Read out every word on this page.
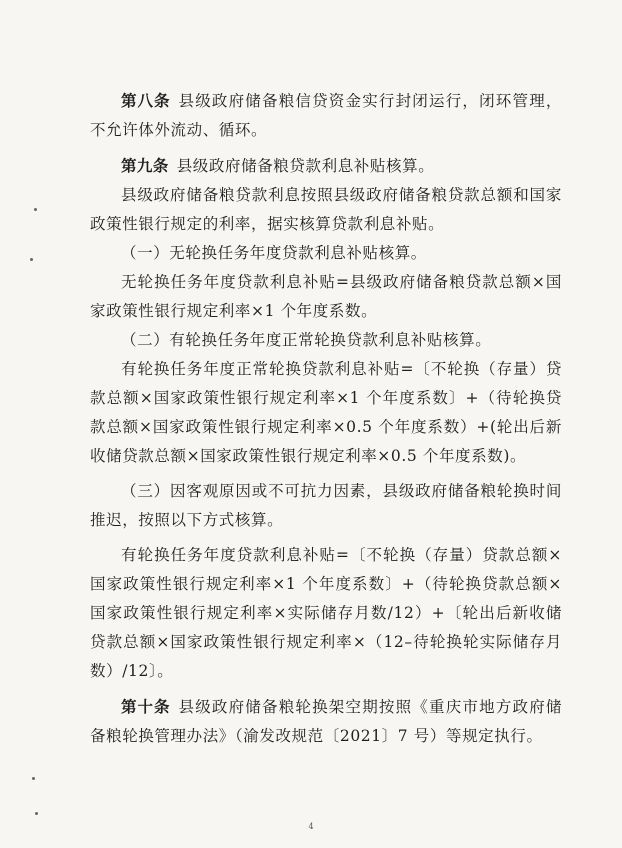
第八条 县级政府储备粮信贷资金实行封闭运行，闭环管理，不允许体外流动、循环。

第九条 县级政府储备粮贷款利息补贴核算。

县级政府储备粮贷款利息按照县级政府储备粮贷款总额和国家政策性银行规定的利率，据实核算贷款利息补贴。

（一）无轮换任务年度贷款利息补贴核算。

无轮换任务年度贷款利息补贴=县级政府储备粮贷款总额×国家政策性银行规定利率×1 个年度系数。

（二）有轮换任务年度正常轮换贷款利息补贴核算。

有轮换任务年度正常轮换贷款利息补贴=〔不轮换（存量）贷款总额×国家政策性银行规定利率×1 个年度系数〕+（待轮换贷款总额×国家政策性银行规定利率×0.5 个年度系数）+(轮出后新收储贷款总额×国家政策性银行规定利率×0.5 个年度系数)。

（三）因客观原因或不可抗力因素，县级政府储备粮轮换时间推迟，按照以下方式核算。

有轮换任务年度贷款利息补贴=〔不轮换（存量）贷款总额×国家政策性银行规定利率×1 个年度系数〕+（待轮换贷款总额×国家政策性银行规定利率×实际储存月数/12）+〔轮出后新收储贷款总额×国家政策性银行规定利率×（12–待轮换轮实际储存月数）/12〕。

第十条 县级政府储备粮轮换架空期按照《重庆市地方政府储备粮轮换管理办法》（渝发改规范〔2021〕7 号）等规定执行。

4
